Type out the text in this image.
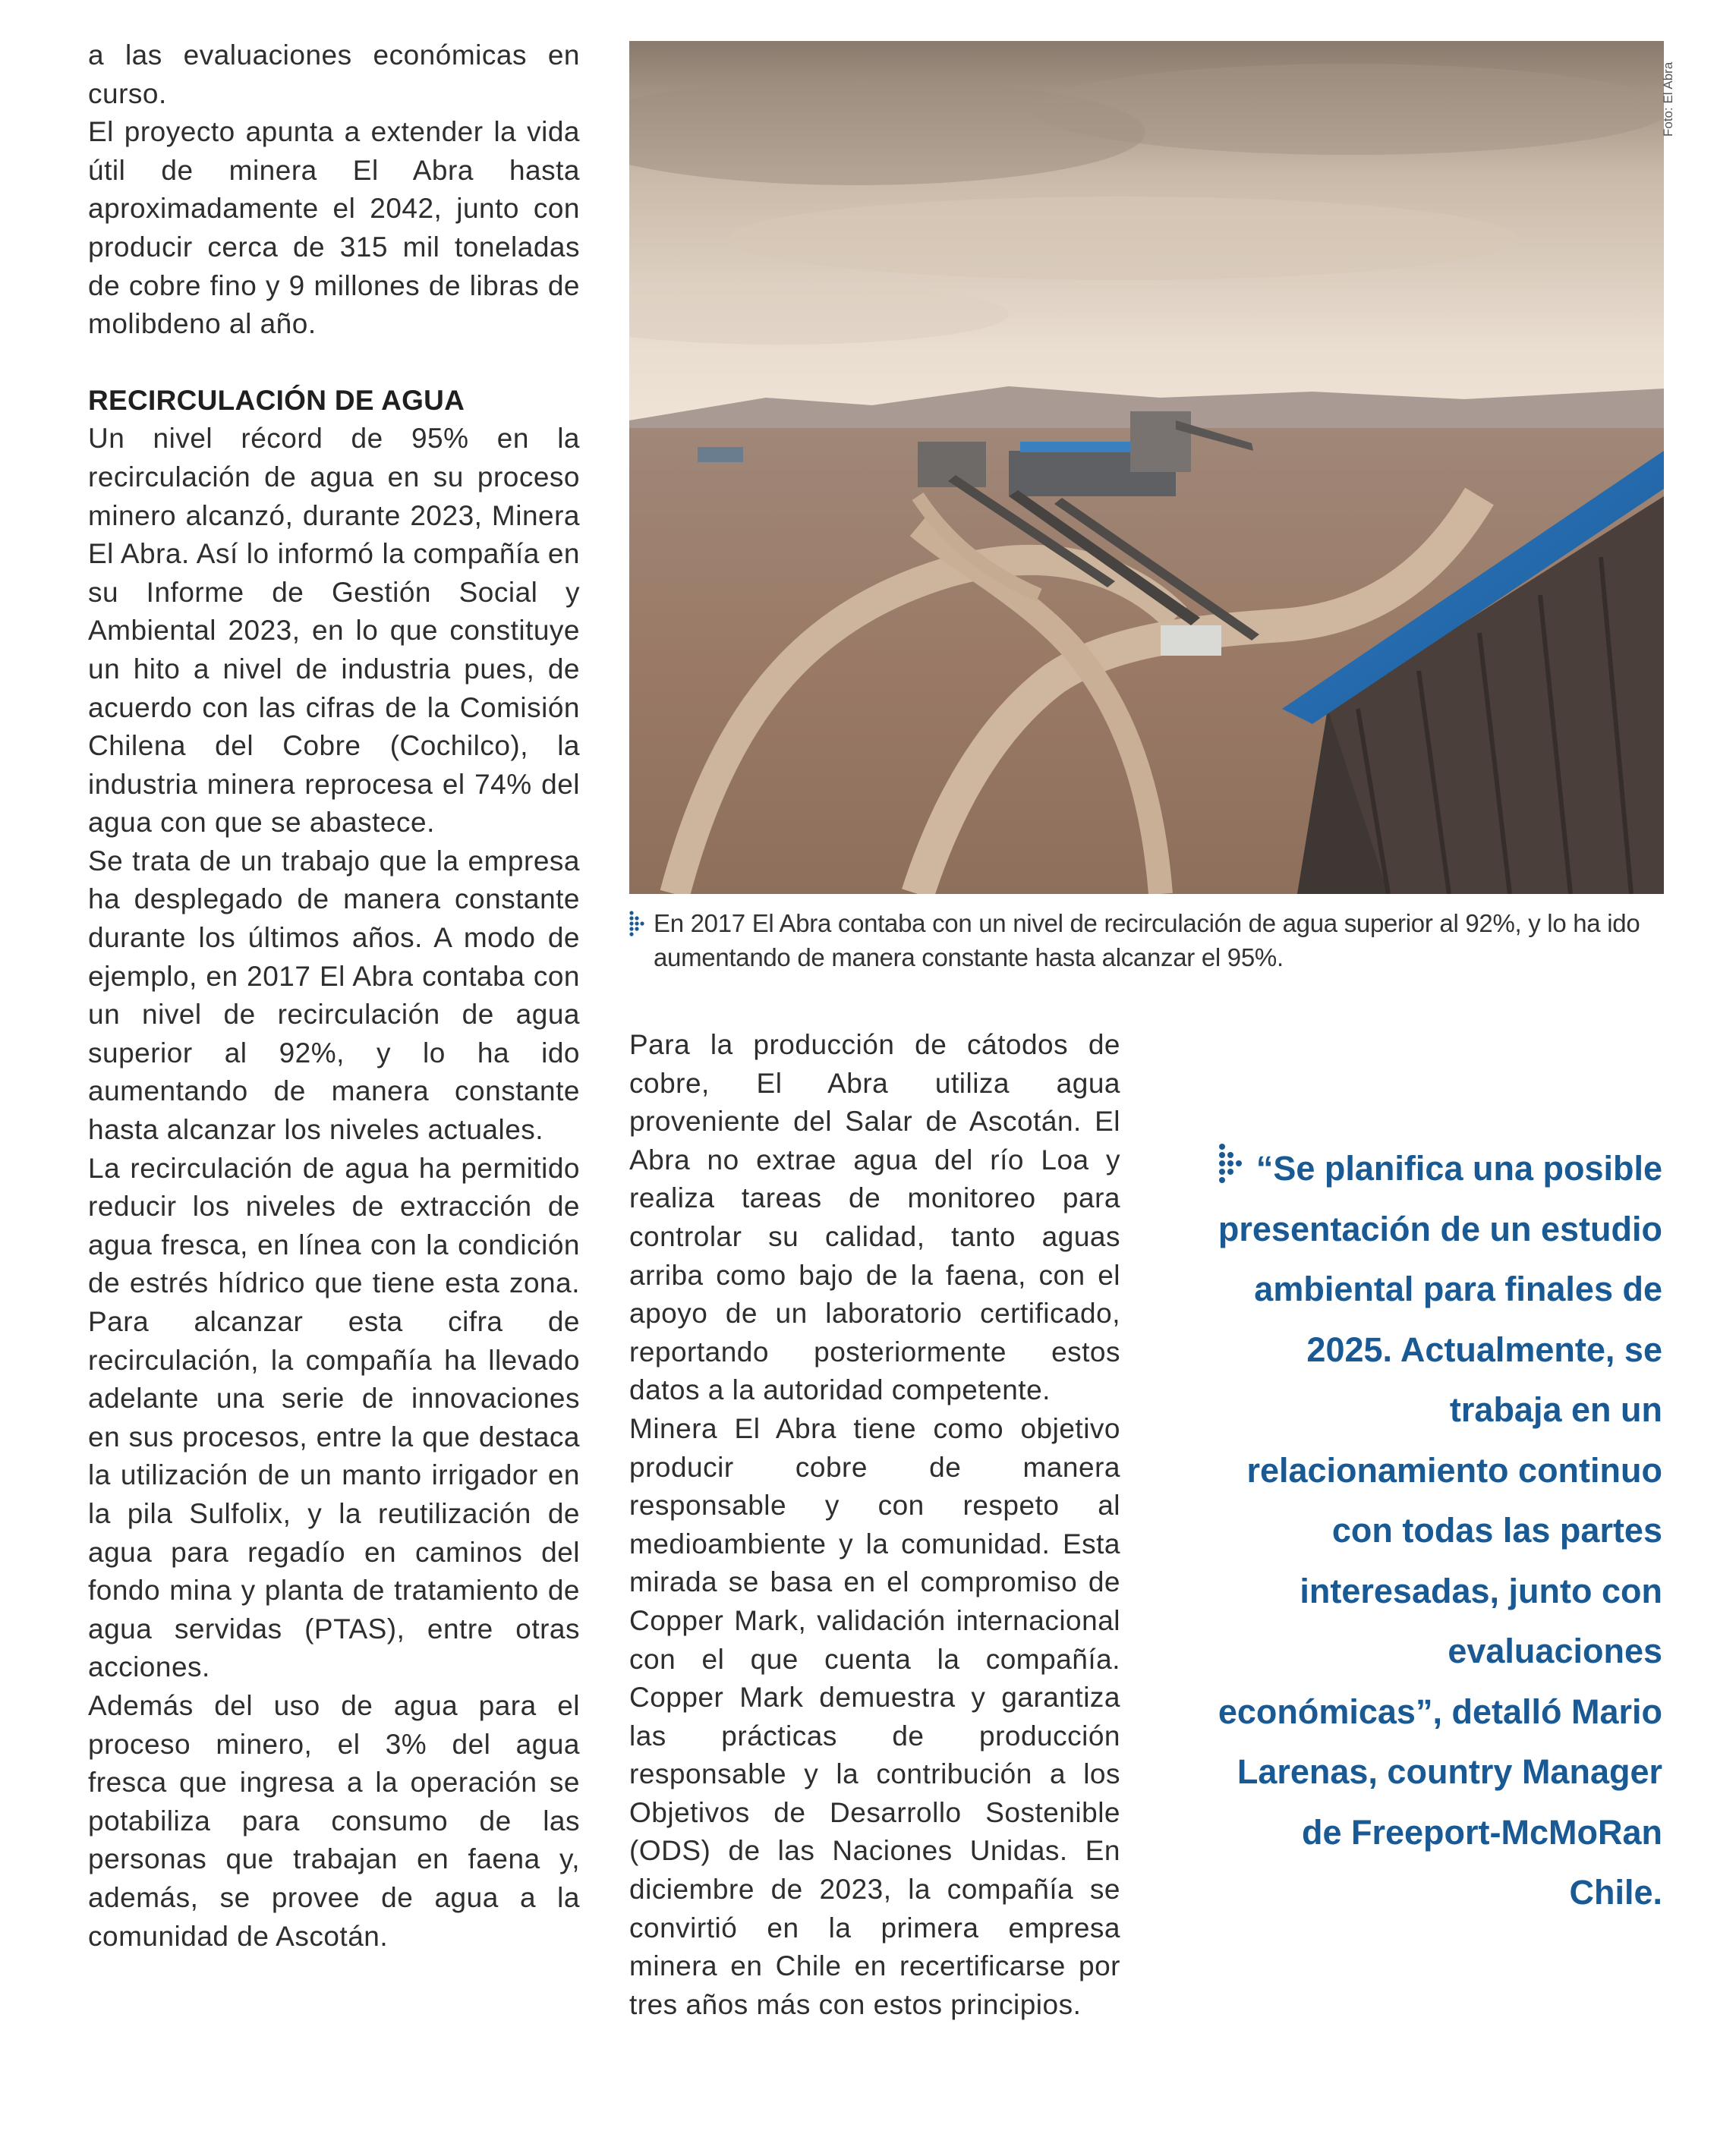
a las evaluaciones económicas en curso.

El proyecto apunta a extender la vida útil de minera El Abra hasta aproximadamente el 2042, junto con producir cerca de 315 mil toneladas de cobre fino y 9 millones de libras de molibdeno al año.

RECIRCULACIÓN DE AGUA

Un nivel récord de 95% en la recirculación de agua en su proceso minero alcanzó, durante 2023, Minera El Abra. Así lo informó la compañía en su Informe de Gestión Social y Ambiental 2023, en lo que constituye un hito a nivel de industria pues, de acuerdo con las cifras de la Comisión Chilena del Cobre (Cochilco), la industria minera reprocesa el 74% del agua con que se abastece.

Se trata de un trabajo que la empresa ha desplegado de manera constante durante los últimos años. A modo de ejemplo, en 2017 El Abra contaba con un nivel de recirculación de agua superior al 92%, y lo ha ido aumentando de manera constante hasta alcanzar los niveles actuales.

La recirculación de agua ha permitido reducir los niveles de extracción de agua fresca, en línea con la condición de estrés hídrico que tiene esta zona. Para alcanzar esta cifra de recirculación, la compañía ha llevado adelante una serie de innovaciones en sus procesos, entre la que destaca la utilización de un manto irrigador en la pila Sulfolix, y la reutilización de agua para regadío en caminos del fondo mina y planta de tratamiento de agua servidas (PTAS), entre otras acciones.

Además del uso de agua para el proceso minero, el 3% del agua fresca que ingresa a la operación se potabiliza para consumo de las personas que trabajan en faena y, además, se provee de agua a la comunidad de Ascotán.

Foto: El Abra
En 2017 El Abra contaba con un nivel de recirculación de agua superior al 92%, y lo ha ido aumentando de manera constante hasta alcanzar el 95%.

Para la producción de cátodos de cobre, El Abra utiliza agua proveniente del Salar de Ascotán. El Abra no extrae agua del río Loa y realiza tareas de monitoreo para controlar su calidad, tanto aguas arriba como bajo de la faena, con el apoyo de un laboratorio certificado, reportando posteriormente estos datos a la autoridad competente.

Minera El Abra tiene como objetivo producir cobre de manera responsable y con respeto al medioambiente y la comunidad. Esta mirada se basa en el compromiso de Copper Mark, validación internacional con el que cuenta la compañía. Copper Mark demuestra y garantiza las prácticas de producción responsable y la contribución a los Objetivos de Desarrollo Sostenible (ODS) de las Naciones Unidas. En diciembre de 2023, la compañía se convirtió en la primera empresa minera en Chile en recertificarse por tres años más con estos principios.

“Se planifica una posible presentación de un estudio ambiental para finales de 2025. Actualmente, se trabaja en un relacionamiento continuo con todas las partes interesadas, junto con evaluaciones económicas”, detalló Mario Larenas, country Manager de Freeport-McMoRan Chile.
